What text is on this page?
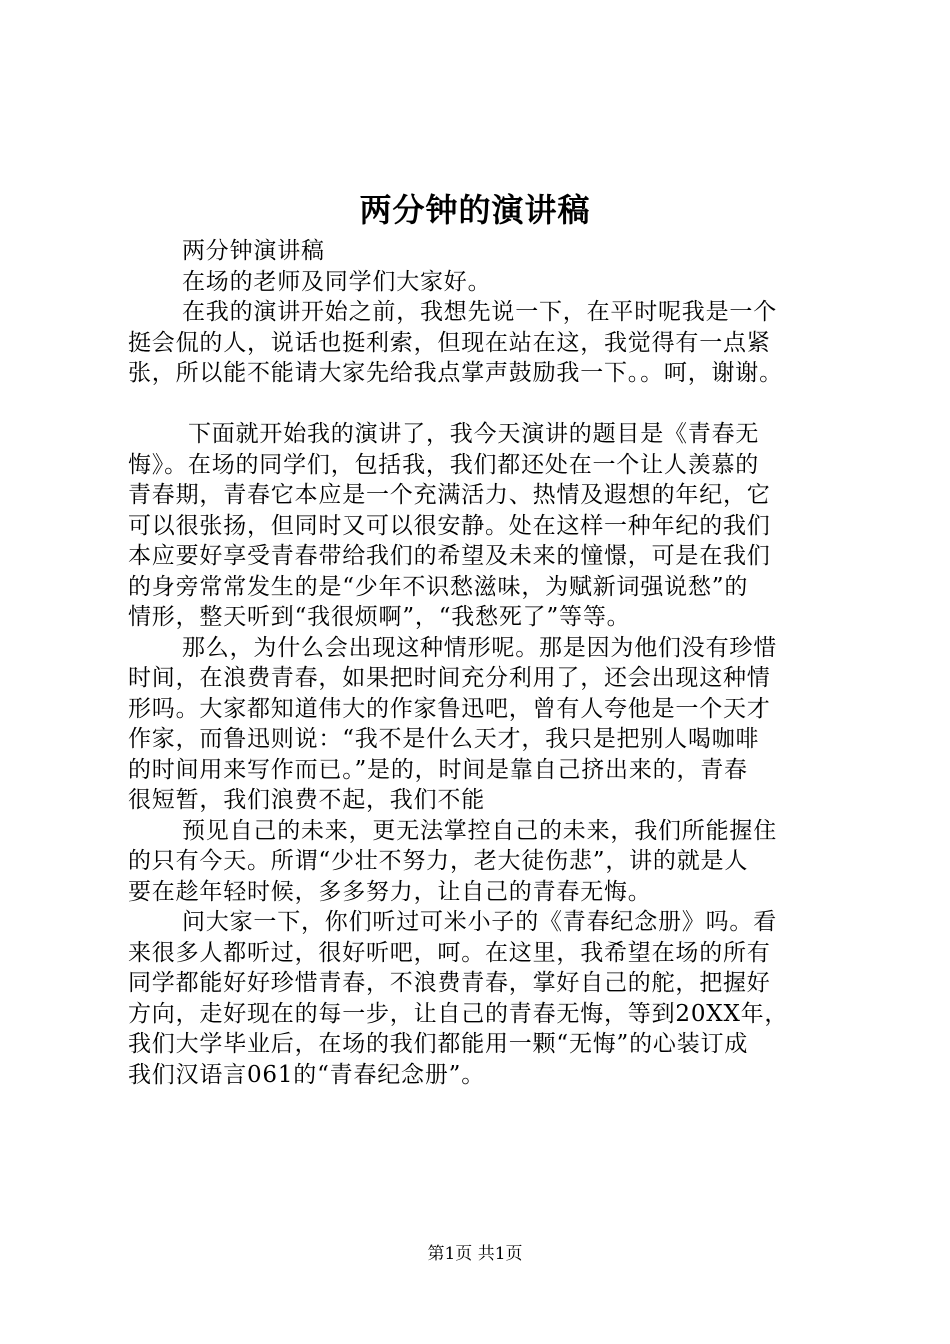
两分钟的演讲稿
两分钟演讲稿
在场的老师及同学们大家好。
在我的演讲开始之前，我想先说一下，在平时呢我是一个
挺会侃的人，说话也挺利索，但现在站在这，我觉得有一点紧
张，所以能不能请大家先给我点掌声鼓励我一下。。呵，谢谢。
下面就开始我的演讲了，我今天演讲的题目是《青春无
悔》。在场的同学们，包括我，我们都还处在一个让人羡慕的
青春期，青春它本应是一个充满活力、热情及遐想的年纪，它
可以很张扬，但同时又可以很安静。处在这样一种年纪的我们
本应要好享受青春带给我们的希望及未来的憧憬，可是在我们
的身旁常常发生的是“少年不识愁滋味，为赋新词强说愁”的
情形，整天听到“我很烦啊”，“我愁死了”等等。
那么，为什么会出现这种情形呢。那是因为他们没有珍惜
时间，在浪费青春，如果把时间充分利用了，还会出现这种情
形吗。大家都知道伟大的作家鲁迅吧，曾有人夸他是一个天才
作家，而鲁迅则说：“我不是什么天才，我只是把别人喝咖啡
的时间用来写作而已。”是的，时间是靠自己挤出来的，青春
很短暂，我们浪费不起，我们不能
预见自己的未来，更无法掌控自己的未来，我们所能握住
的只有今天。所谓“少壮不努力，老大徒伤悲”，讲的就是人
要在趁年轻时候，多多努力，让自己的青春无悔。
问大家一下，你们听过可米小子的《青春纪念册》吗。看
来很多人都听过，很好听吧，呵。在这里，我希望在场的所有
同学都能好好珍惜青春，不浪费青春，掌好自己的舵，把握好
方向，走好现在的每一步，让自己的青春无悔，等到20XX年，
我们大学毕业后，在场的我们都能用一颗“无悔”的心装订成
我们汉语言061的“青春纪念册”。
第1页 共1页
